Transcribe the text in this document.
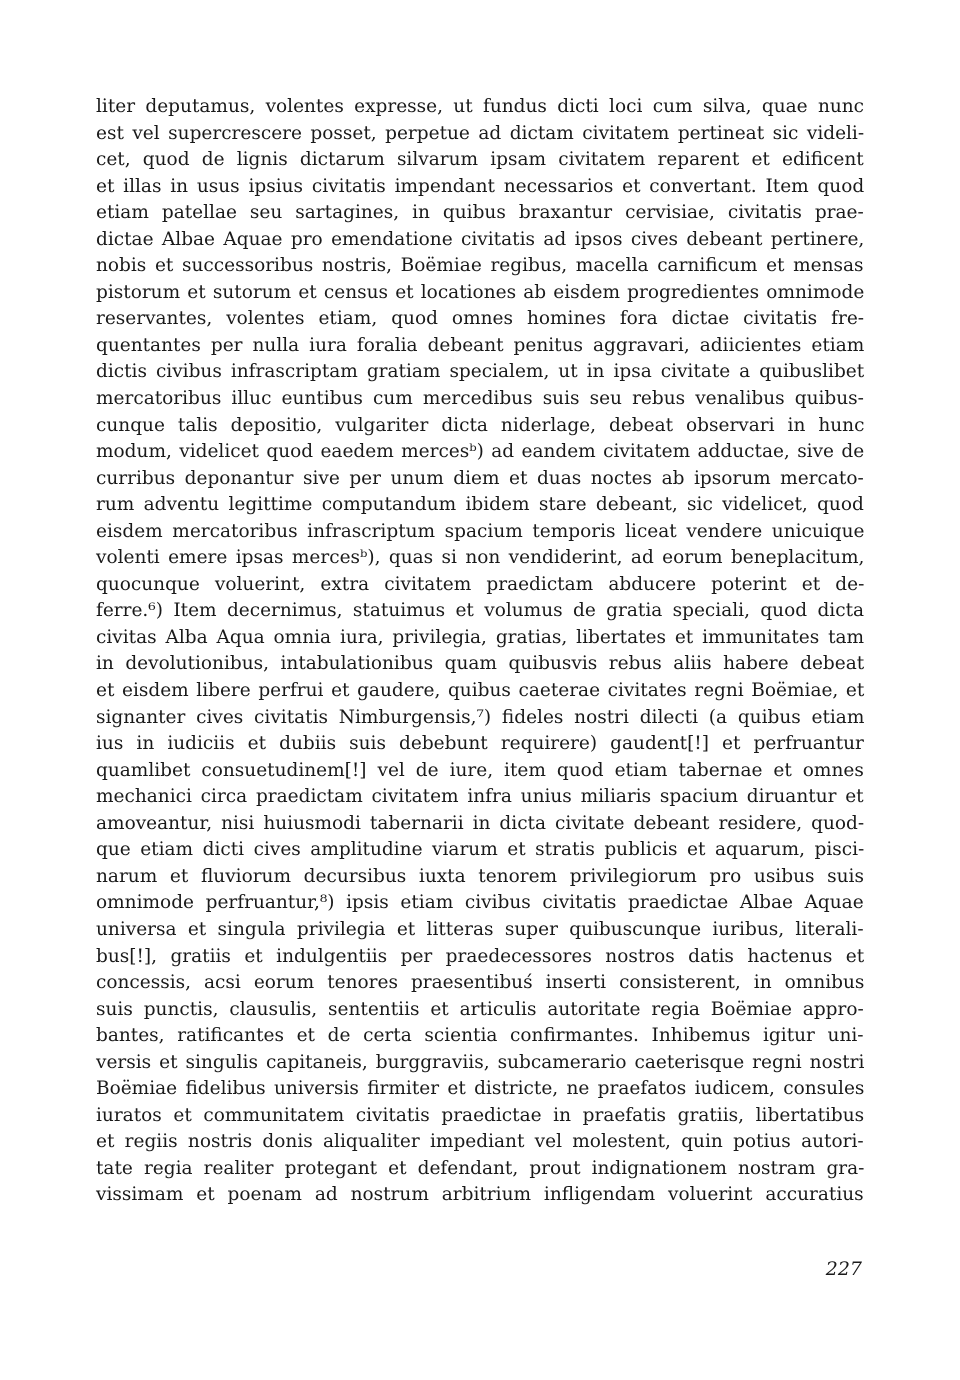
liter deputamus, volentes expresse, ut fundus dicti loci cum silva, quae nunc
est vel supercrescere posset, perpetue ad dictam civitatem pertineat sic videli-
cet, quod de lignis dictarum silvarum ipsam civitatem reparent et edificent
et illas in usus ipsius civitatis impendant necessarios et convertant. Item quod
etiam patellae seu sartagines, in quibus braxantur cervisiae, civitatis prae-
dictae Albae Aquae pro emendatione civitatis ad ipsos cives debeant pertinere,
nobis et successoribus nostris, Boëmiae regibus, macella carnificum et mensas
pistorum et sutorum et census et locationes ab eisdem progredientes omnimode
reservantes, volentes etiam, quod omnes homines fora dictae civitatis fre-
quentantes per nulla iura foralia debeant penitus aggravari, adiicientes etiam
dictis civibus infrascriptam gratiam specialem, ut in ipsa civitate a quibuslibet
mercatoribus illuc euntibus cum mercedibus suis seu rebus venalibus quibus-
cunque talis depositio, vulgariter dicta niderlage, debeat observari in hunc
modum, videlicet quod eaedem mercesᵇ) ad eandem civitatem adductae, sive de
curribus deponantur sive per unum diem et duas noctes ab ipsorum mercato-
rum adventu legittime computandum ibidem stare debeant, sic videlicet, quod
eisdem mercatoribus infrascriptum spacium temporis liceat vendere unicuique
volenti emere ipsas mercesᵇ), quas si non vendiderint, ad eorum beneplacitum,
quocunque voluerint, extra civitatem praedictam abducere poterint et de-
ferre.⁶) Item decernimus, statuimus et volumus de gratia speciali, quod dicta
civitas Alba Aqua omnia iura, privilegia, gratias, libertates et immunitates tam
in devolutionibus, intabulationibus quam quibusvis rebus aliis habere debeat
et eisdem libere perfrui et gaudere, quibus caeterae civitates regni Boëmiae, et
signanter cives civitatis Nimburgensis,⁷) fideles nostri dilecti (a quibus etiam
ius in iudiciis et dubiis suis debebunt requirere) gaudent[!] et perfruantur
quamlibet consuetudinem[!] vel de iure, item quod etiam tabernae et omnes
mechanici circa praedictam civitatem infra unius miliaris spacium diruantur et
amoveantur, nisi huiusmodi tabernarii in dicta civitate debeant residere, quod-
que etiam dicti cives amplitudine viarum et stratis publicis et aquarum, pisci-
narum et fluviorum decursibus iuxta tenorem privilegiorum pro usibus suis
omnimode perfruantur,⁸) ipsis etiam civibus civitatis praedictae Albae Aquae
universa et singula privilegia et litteras super quibuscunque iuribus, literali-
bus[!], gratiis et indulgentiis per praedecessores nostros datis hactenus et
concessis, acsi eorum tenores praesentibuś inserti consisterent, in omnibus
suis punctis, clausulis, sententiis et articulis autoritate regia Boëmiae appro-
bantes, ratificantes et de certa scientia confirmantes. Inhibemus igitur uni-
versis et singulis capitaneis, burggraviis, subcamerario caeterisque regni nostri
Boëmiae fidelibus universis firmiter et districte, ne praefatos iudicem, consules
iuratos et communitatem civitatis praedictae in praefatis gratiis, libertatibus
et regiis nostris donis aliqualiter impediant vel molestent, quin potius autori-
tate regia realiter protegant et defendant, prout indignationem nostram gra-
vissimam et poenam ad nostrum arbitrium infligendam voluerint accuratius
227
